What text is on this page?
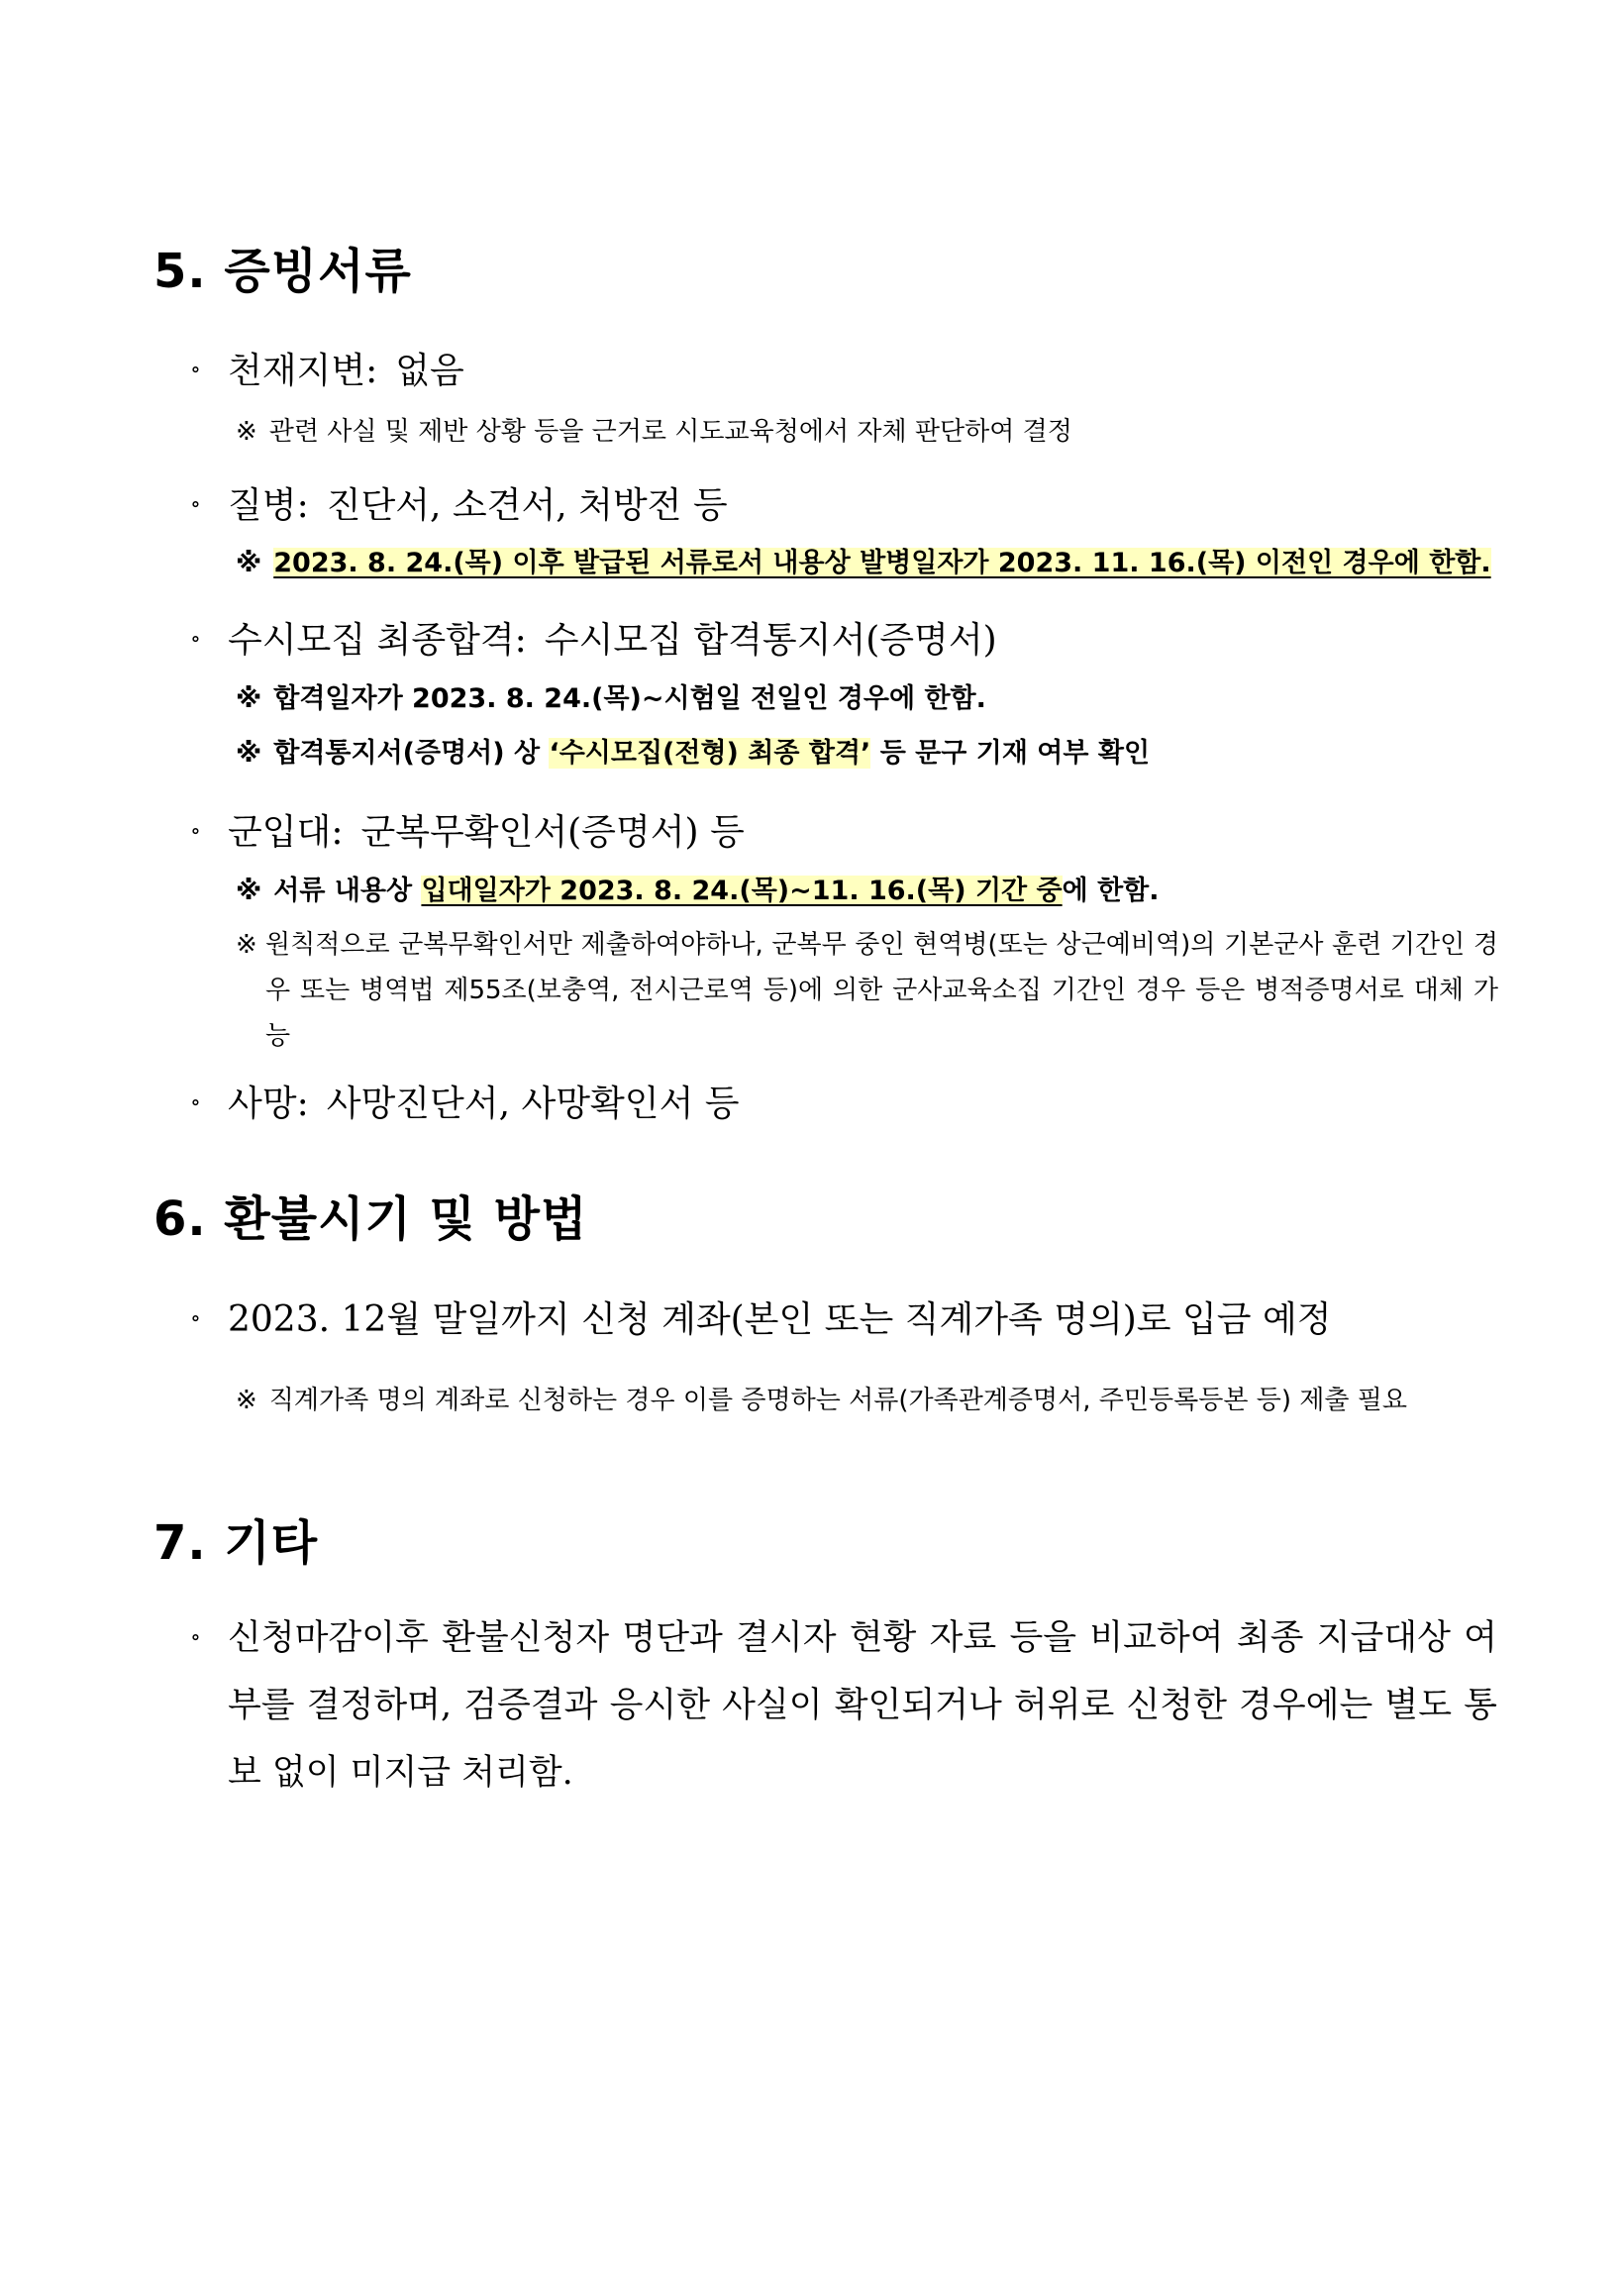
5. 증빙서류
∘ 천재지변 : 없음
※ 관련 사실 및 제반 상황 등을 근거로 시도교육청에서 자체 판단하여 결정
∘ 질병 : 진단서, 소견서, 처방전 등
※ 2023. 8. 24.(목) 이후 발급된 서류로서 내용상 발병일자가 2023. 11. 16.(목) 이전인 경우에 한함.
∘ 수시모집 최종합격 : 수시모집 합격통지서(증명서)
※ 합격일자가 2023. 8. 24.(목)~시험일 전일인 경우에 한함.
※ 합격통지서(증명서) 상 ‘수시모집(전형) 최종 합격’ 등 문구 기재 여부 확인
∘ 군입대 : 군복무확인서(증명서) 등
※ 서류 내용상 입대일자가 2023. 8. 24.(목)~11. 16.(목) 기간 중에 한함.
※ 원칙적으로 군복무확인서만 제출하여야하나, 군복무 중인 현역병(또는 상근예비역)의 기본군사 훈련 기간인 경우 또는 병역법 제55조(보충역, 전시근로역 등)에 의한 군사교육소집 기간인 경우 등은 병적증명서로 대체 가능
∘ 사망 : 사망진단서, 사망확인서 등
6. 환불시기 및 방법
∘ 2023. 12월 말일까지 신청 계좌(본인 또는 직계가족 명의)로 입금 예정
※ 직계가족 명의 계좌로 신청하는 경우 이를 증명하는 서류(가족관계증명서, 주민등록등본 등) 제출 필요
7. 기타
∘ 신청마감이후 환불신청자 명단과 결시자 현황 자료 등을 비교하여 최종 지급대상 여부를 결정하며, 검증결과 응시한 사실이 확인되거나 허위로 신청한 경우에는 별도 통보 없이 미지급 처리함.
